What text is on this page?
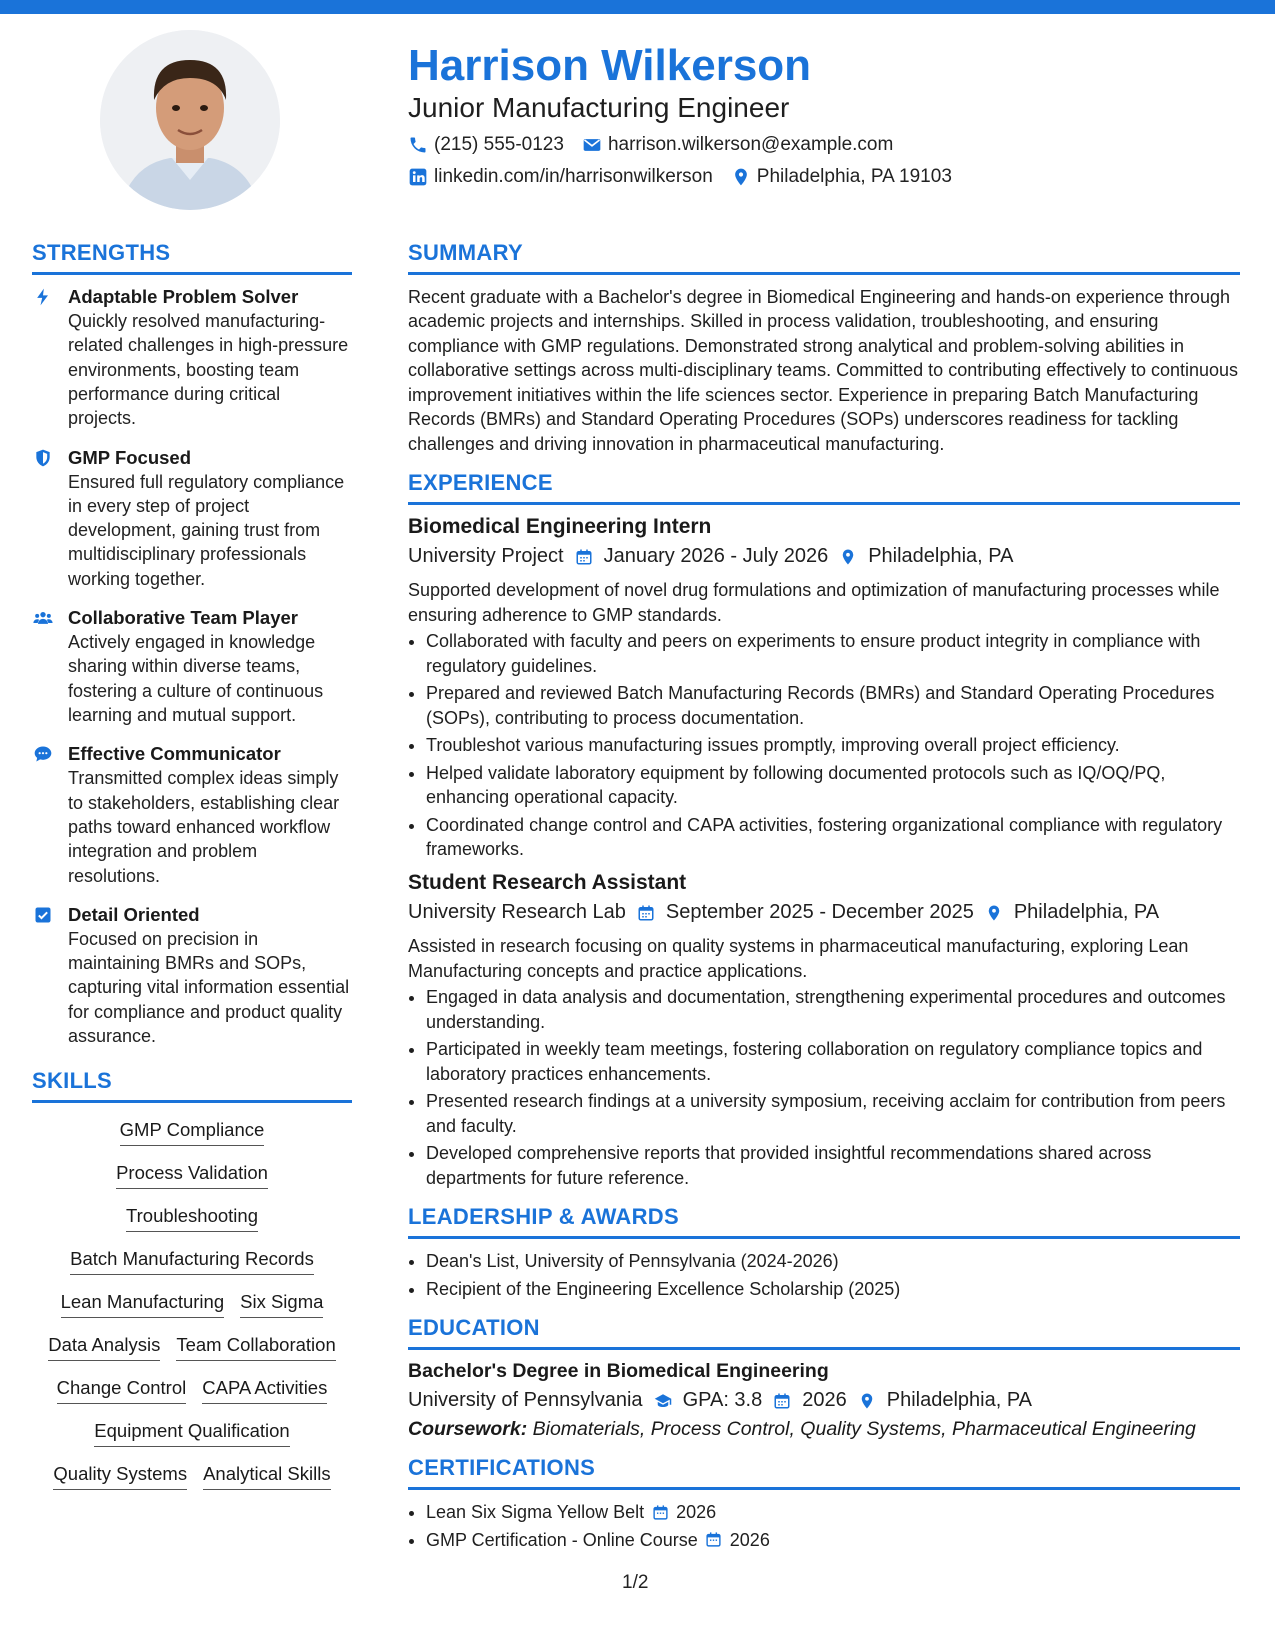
Harrison Wilkerson
Junior Manufacturing Engineer
(215) 555-0123 harrison.wilkerson@example.com
linkedin.com/in/harrisonwilkerson Philadelphia, PA 19103
STRENGTHS
Adaptable Problem Solver
Quickly resolved manufacturing-related challenges in high-pressure environments, boosting team performance during critical projects.
GMP Focused
Ensured full regulatory compliance in every step of project development, gaining trust from multidisciplinary professionals working together.
Collaborative Team Player
Actively engaged in knowledge sharing within diverse teams, fostering a culture of continuous learning and mutual support.
Effective Communicator
Transmitted complex ideas simply to stakeholders, establishing clear paths toward enhanced workflow integration and problem resolutions.
Detail Oriented
Focused on precision in maintaining BMRs and SOPs, capturing vital information essential for compliance and product quality assurance.
SKILLS
GMP Compliance
Process Validation
Troubleshooting
Batch Manufacturing Records
Lean Manufacturing Six Sigma
Data Analysis Team Collaboration
Change Control CAPA Activities
Equipment Qualification
Quality Systems Analytical Skills
SUMMARY
Recent graduate with a Bachelor's degree in Biomedical Engineering and hands-on experience through academic projects and internships. Skilled in process validation, troubleshooting, and ensuring compliance with GMP regulations. Demonstrated strong analytical and problem-solving abilities in collaborative settings across multi-disciplinary teams. Committed to contributing effectively to continuous improvement initiatives within the life sciences sector. Experience in preparing Batch Manufacturing Records (BMRs) and Standard Operating Procedures (SOPs) underscores readiness for tackling challenges and driving innovation in pharmaceutical manufacturing.
EXPERIENCE
Biomedical Engineering Intern
University Project January 2026 - July 2026 Philadelphia, PA
Supported development of novel drug formulations and optimization of manufacturing processes while ensuring adherence to GMP standards.
• Collaborated with faculty and peers on experiments to ensure product integrity in compliance with regulatory guidelines.
• Prepared and reviewed Batch Manufacturing Records (BMRs) and Standard Operating Procedures (SOPs), contributing to process documentation.
• Troubleshot various manufacturing issues promptly, improving overall project efficiency.
• Helped validate laboratory equipment by following documented protocols such as IQ/OQ/PQ, enhancing operational capacity.
• Coordinated change control and CAPA activities, fostering organizational compliance with regulatory frameworks.
Student Research Assistant
University Research Lab September 2025 - December 2025 Philadelphia, PA
Assisted in research focusing on quality systems in pharmaceutical manufacturing, exploring Lean Manufacturing concepts and practice applications.
• Engaged in data analysis and documentation, strengthening experimental procedures and outcomes understanding.
• Participated in weekly team meetings, fostering collaboration on regulatory compliance topics and laboratory practices enhancements.
• Presented research findings at a university symposium, receiving acclaim for contribution from peers and faculty.
• Developed comprehensive reports that provided insightful recommendations shared across departments for future reference.
LEADERSHIP & AWARDS
• Dean's List, University of Pennsylvania (2024-2026)
• Recipient of the Engineering Excellence Scholarship (2025)
EDUCATION
Bachelor's Degree in Biomedical Engineering
University of Pennsylvania GPA: 3.8 2026 Philadelphia, PA
Coursework: Biomaterials, Process Control, Quality Systems, Pharmaceutical Engineering
CERTIFICATIONS
• Lean Six Sigma Yellow Belt 2026
• GMP Certification - Online Course 2026
1/2
